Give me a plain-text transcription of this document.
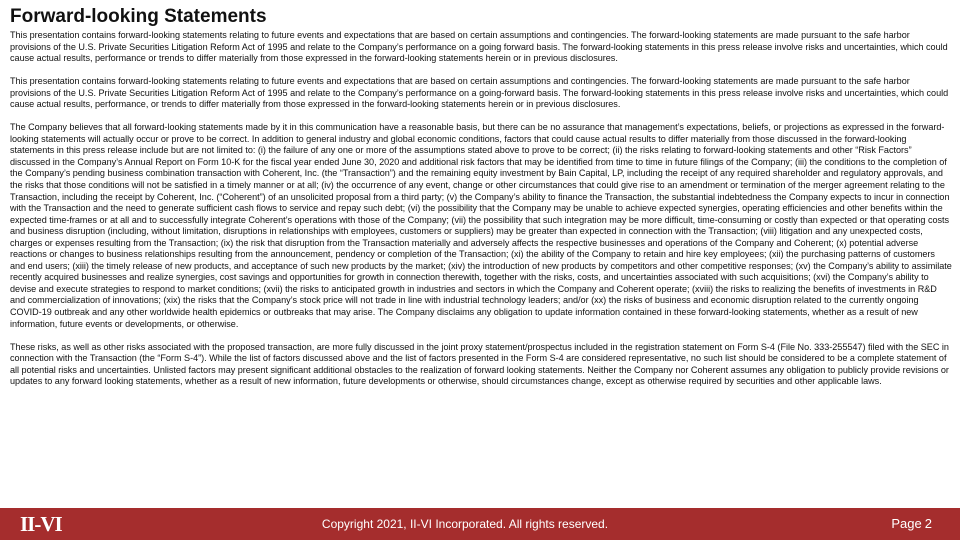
Forward-looking Statements

This presentation contains forward-looking statements relating to future events and expectations that are based on certain assumptions and contingencies. The forward-looking statements are made pursuant to the safe harbor provisions of the U.S. Private Securities Litigation Reform Act of 1995 and relate to the Company’s performance on a going forward basis. The forward-looking statements in this press release involve risks and uncertainties, which could cause actual results, performance or trends to differ materially from those expressed in the forward-looking statements herein or in previous disclosures.

This presentation contains forward-looking statements relating to future events and expectations that are based on certain assumptions and contingencies. The forward-looking statements are made pursuant to the safe harbor provisions of the U.S. Private Securities Litigation Reform Act of 1995 and relate to the Company’s performance on a going-forward basis. The forward-looking statements in this press release involve risks and uncertainties, which could cause actual results, performance, or trends to differ materially from those expressed in the forward-looking statements herein or in previous disclosures.

The Company believes that all forward-looking statements made by it in this communication have a reasonable basis, but there can be no assurance that management’s expectations, beliefs, or projections as expressed in the forward-looking statements will actually occur or prove to be correct. In addition to general industry and global economic conditions, factors that could cause actual results to differ materially from those discussed in the forward-looking statements in this press release include but are not limited to: (i) the failure of any one or more of the assumptions stated above to prove to be correct; (ii) the risks relating to forward-looking statements and other “Risk Factors” discussed in the Company’s Annual Report on Form 10-K for the fiscal year ended June 30, 2020 and additional risk factors that may be identified from time to time in future filings of the Company; (iii) the conditions to the completion of the Company’s pending business combination transaction with Coherent, Inc. (the “Transaction”) and the remaining equity investment by Bain Capital, LP, including the receipt of any required shareholder and regulatory approvals, and the risks that those conditions will not be satisfied in a timely manner or at all; (iv) the occurrence of any event, change or other circumstances that could give rise to an amendment or termination of the merger agreement relating to the Transaction, including the receipt by Coherent, Inc. (“Coherent”) of an unsolicited proposal from a third party; (v) the Company’s ability to finance the Transaction, the substantial indebtedness the Company expects to incur in connection with the Transaction and the need to generate sufficient cash flows to service and repay such debt; (vi) the possibility that the Company may be unable to achieve expected synergies, operating efficiencies and other benefits within the expected time-frames or at all and to successfully integrate Coherent’s operations with those of the Company; (vii) the possibility that such integration may be more difficult, time-consuming or costly than expected or that operating costs and business disruption (including, without limitation, disruptions in relationships with employees, customers or suppliers) may be greater than expected in connection with the Transaction; (viii) litigation and any unexpected costs, charges or expenses resulting from the Transaction; (ix) the risk that disruption from the Transaction materially and adversely affects the respective businesses and operations of the Company and Coherent; (x) potential adverse reactions or changes to business relationships resulting from the announcement, pendency or completion of the Transaction; (xi) the ability of the Company to retain and hire key employees; (xii) the purchasing patterns of customers and end users; (xiii) the timely release of new products, and acceptance of such new products by the market; (xiv) the introduction of new products by competitors and other competitive responses; (xv) the Company’s ability to assimilate recently acquired businesses and realize synergies, cost savings and opportunities for growth in connection therewith, together with the risks, costs, and uncertainties associated with such acquisitions; (xvi) the Company’s ability to devise and execute strategies to respond to market conditions; (xvii) the risks to anticipated growth in industries and sectors in which the Company and Coherent operate; (xviii) the risks to realizing the benefits of investments in R&D and commercialization of innovations; (xix) the risks that the Company’s stock price will not trade in line with industrial technology leaders; and/or (xx) the risks of business and economic disruption related to the currently ongoing COVID-19 outbreak and any other worldwide health epidemics or outbreaks that may arise. The Company disclaims any obligation to update information contained in these forward-looking statements, whether as a result of new information, future events or developments, or otherwise.

These risks, as well as other risks associated with the proposed transaction, are more fully discussed in the joint proxy statement/prospectus included in the registration statement on Form S-4 (File No. 333-255547) filed with the SEC in connection with the Transaction (the “Form S-4”). While the list of factors discussed above and the list of factors presented in the Form S-4 are considered representative, no such list should be considered to be a complete statement of all potential risks and uncertainties. Unlisted factors may present significant additional obstacles to the realization of forward looking statements. Neither the Company nor Coherent assumes any obligation to publicly provide revisions or updates to any forward looking statements, whether as a result of new information, future developments or otherwise, should circumstances change, except as otherwise required by securities and other applicable laws.

II-VI	Copyright 2021, II-VI Incorporated. All rights reserved.	Page 2
